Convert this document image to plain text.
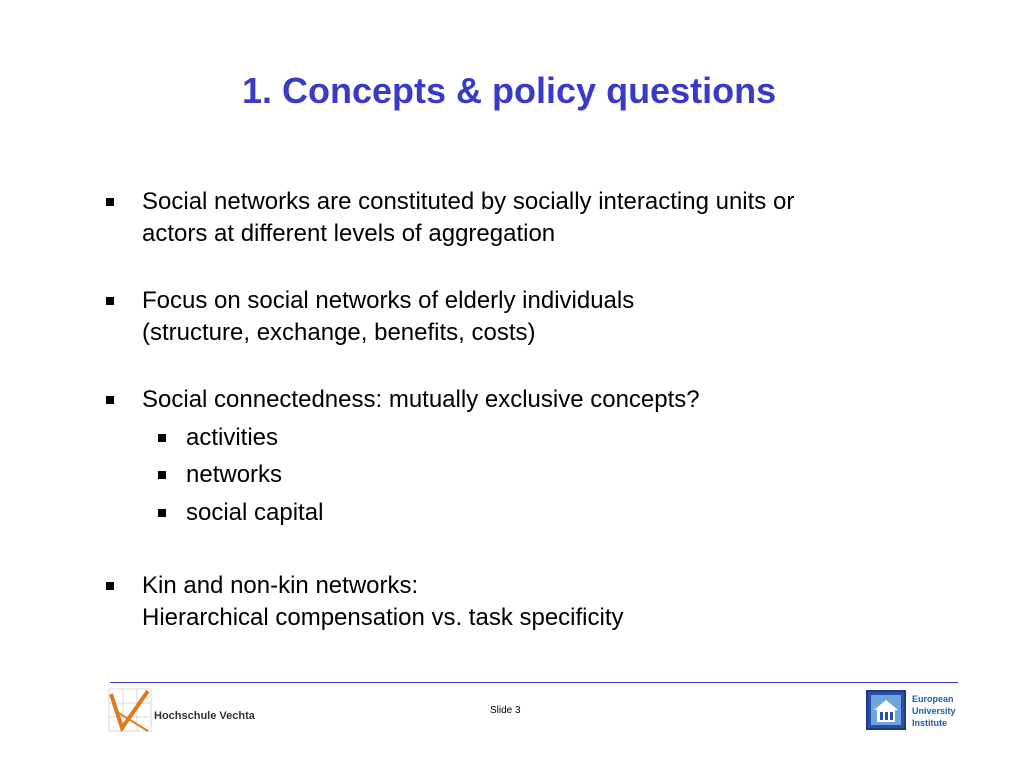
1. Concepts & policy questions
Social networks are constituted by socially interacting units or
actors at different levels of aggregation
Focus on social networks of elderly individuals
(structure, exchange, benefits, costs)
Social connectedness: mutually exclusive concepts?
activities
networks
social capital
Kin and non-kin networks:
Hierarchical compensation vs. task specificity
Hochschule Vechta	Slide 3
European
University
Institute
